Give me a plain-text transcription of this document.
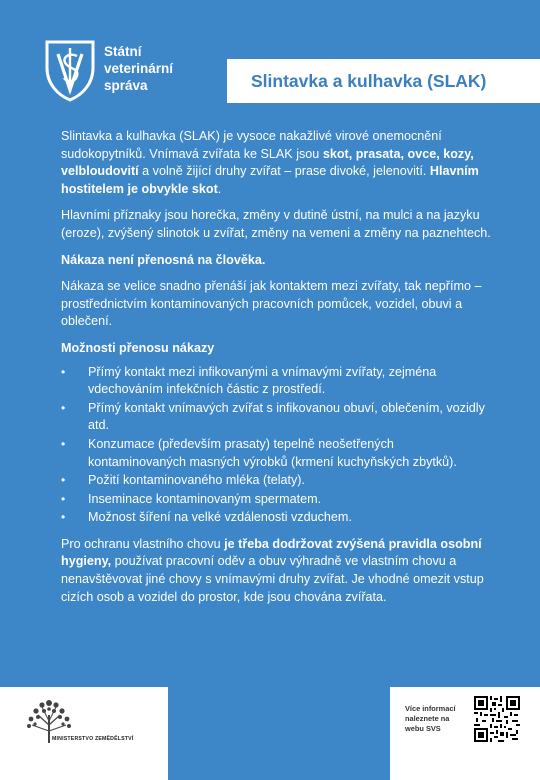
Státní
veterinární
správa	Slintavka a kulhavka (SLAK)

Slintavka a kulhavka (SLAK) je vysoce nakažlivé virové onemocnění sudokopytníků. Vnímavá zvířata ke SLAK jsou skot, prasata, ovce, kozy, velbloudovití a volně žijící druhy zvířat – prase divoké, jelenovití. Hlavním hostitelem je obvykle skot.

Hlavními příznaky jsou horečka, změny v dutině ústní, na mulci a na jazyku (eroze), zvýšený slinotok u zvířat, změny na vemeni a změny na paznehtech.

Nákaza není přenosná na člověka.

Nákaza se velice snadno přenáší jak kontaktem mezi zvířaty, tak nepřímo – prostřednictvím kontaminovaných pracovních pomůcek, vozidel, obuvi a oblečení.

Možnosti přenosu nákazy
• Přímý kontakt mezi infikovanými a vnímavými zvířaty, zejména vdechováním infekčních částic z prostředí.
• Přímý kontakt vnímavých zvířat s infikovanou obuví, oblečením, vozidly atd.
• Konzumace (především prasaty) tepelně neošetřených kontaminovaných masných výrobků (krmení kuchyňských zbytků).
• Požití kontaminovaného mléka (telaty).
• Inseminace kontaminovaným spermatem.
• Možnost šíření na velké vzdálenosti vzduchem.

Pro ochranu vlastního chovu je třeba dodržovat zvýšená pravidla osobní hygieny, používat pracovní oděv a obuv výhradně ve vlastním chovu a nenavštěvovat jiné chovy s vnímavými druhy zvířat. Je vhodné omezit vstup cizích osob a vozidel do prostor, kde jsou chována zvířata.

MINISTERSTVO ZEMĚDĚLSTVÍ
Více informací naleznete na webu SVS
